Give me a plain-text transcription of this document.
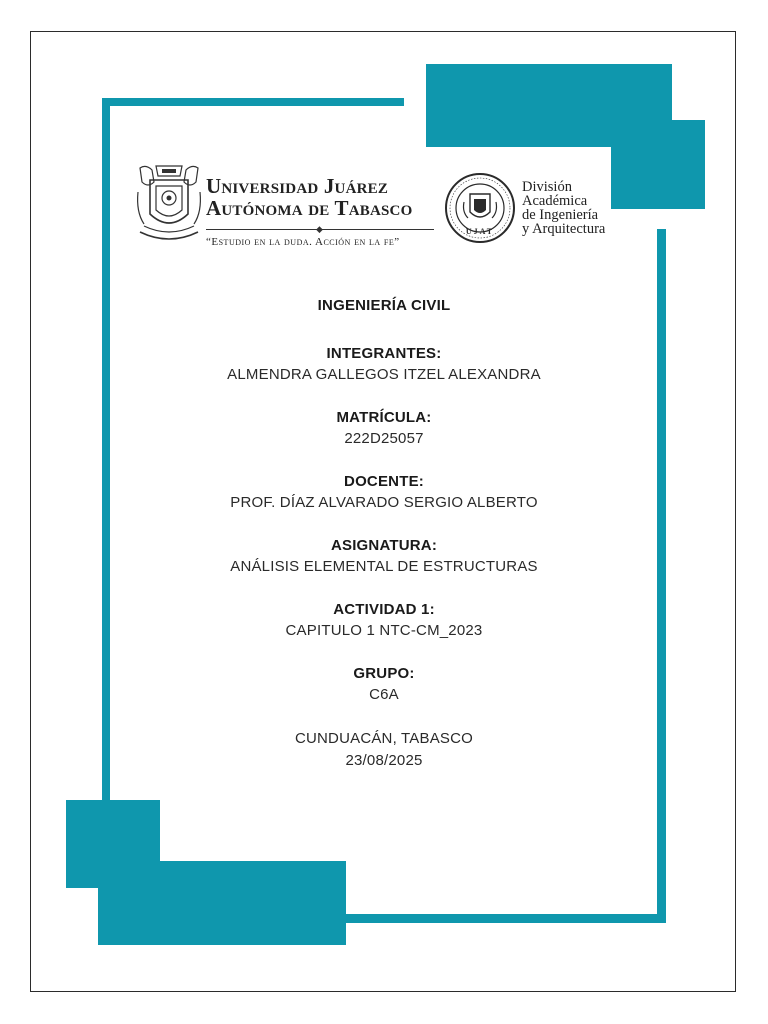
Universidad Juárez
Autónoma de Tabasco
◆
“Estudio en la duda. Acción en la fe”
UJAT
División
Académica
de Ingeniería
y Arquitectura
INGENIERÍA CIVIL
INTEGRANTES:
ALMENDRA GALLEGOS ITZEL ALEXANDRA
MATRÍCULA:
222D25057
DOCENTE:
PROF. DÍAZ ALVARADO SERGIO ALBERTO
ASIGNATURA:
ANÁLISIS ELEMENTAL DE ESTRUCTURAS
ACTIVIDAD 1:
CAPITULO 1 NTC-CM_2023
GRUPO:
C6A
CUNDUACÁN, TABASCO
23/08/2025
